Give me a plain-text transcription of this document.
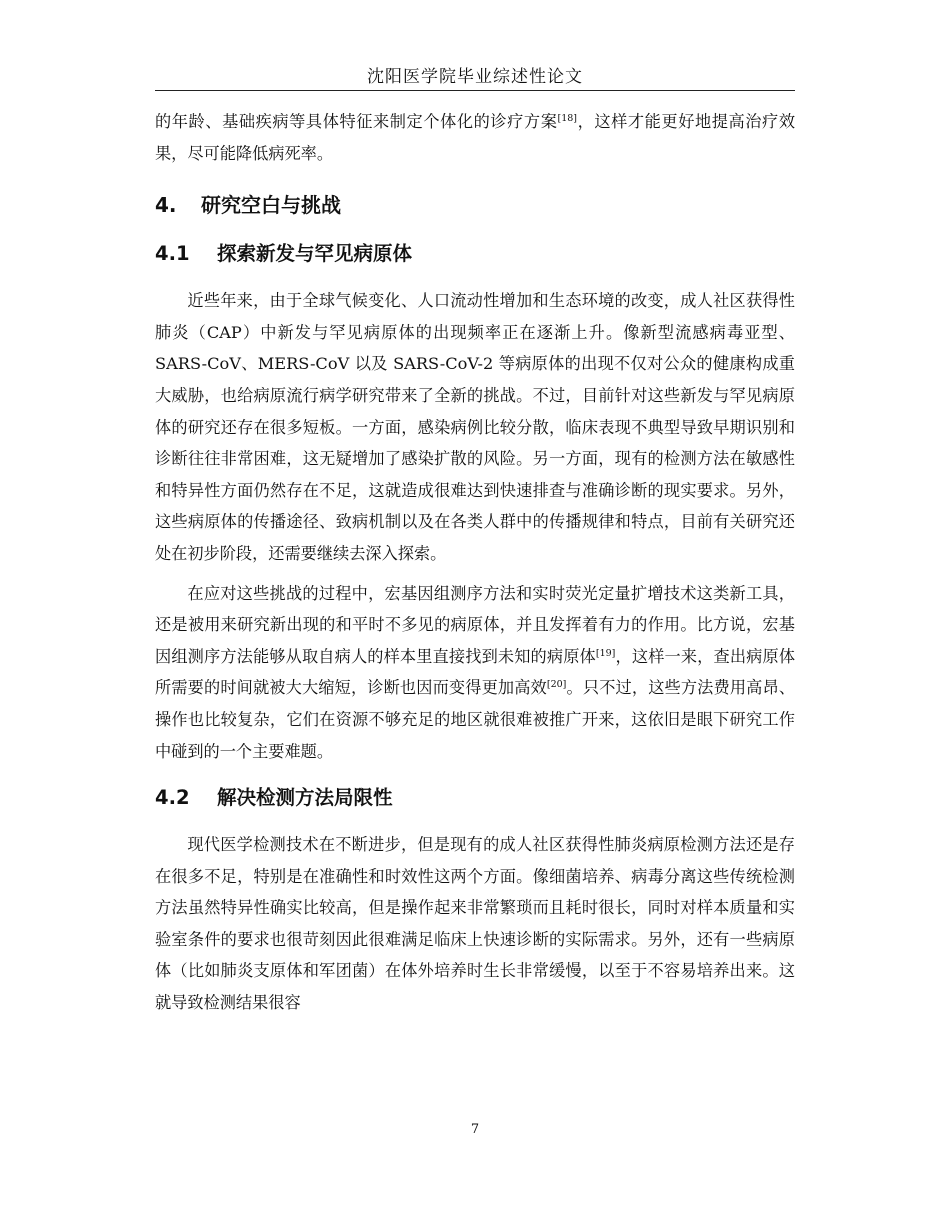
沈阳医学院毕业综述性论文

的年龄、基础疾病等具体特征来制定个体化的诊疗方案[18]，这样才能更好地提高治疗效果，尽可能降低病死率。

4. 研究空白与挑战
4.1 探索新发与罕见病原体

近些年来，由于全球气候变化、人口流动性增加和生态环境的改变，成人社区获得性肺炎（CAP）中新发与罕见病原体的出现频率正在逐渐上升。像新型流感病毒亚型、SARS-CoV、MERS-CoV 以及 SARS-CoV-2 等病原体的出现不仅对公众的健康构成重大威胁，也给病原流行病学研究带来了全新的挑战。不过，目前针对这些新发与罕见病原体的研究还存在很多短板。一方面，感染病例比较分散，临床表现不典型导致早期识别和诊断往往非常困难，这无疑增加了感染扩散的风险。另一方面，现有的检测方法在敏感性和特异性方面仍然存在不足，这就造成很难达到快速排查与准确诊断的现实要求。另外，这些病原体的传播途径、致病机制以及在各类人群中的传播规律和特点，目前有关研究还处在初步阶段，还需要继续去深入探索。

在应对这些挑战的过程中，宏基因组测序方法和实时荧光定量扩增技术这类新工具，还是被用来研究新出现的和平时不多见的病原体，并且发挥着有力的作用。比方说，宏基因组测序方法能够从取自病人的样本里直接找到未知的病原体[19]，这样一来，查出病原体所需要的时间就被大大缩短，诊断也因而变得更加高效[20]。只不过，这些方法费用高昂、操作也比较复杂，它们在资源不够充足的地区就很难被推广开来，这依旧是眼下研究工作中碰到的一个主要难题。

4.2 解决检测方法局限性

现代医学检测技术在不断进步，但是现有的成人社区获得性肺炎病原检测方法还是存在很多不足，特别是在准确性和时效性这两个方面。像细菌培养、病毒分离这些传统检测方法虽然特异性确实比较高，但是操作起来非常繁琐而且耗时很长，同时对样本质量和实验室条件的要求也很苛刻因此很难满足临床上快速诊断的实际需求。另外，还有一些病原体（比如肺炎支原体和军团菌）在体外培养时生长非常缓慢，以至于不容易培养出来。这就导致检测结果很容

7
